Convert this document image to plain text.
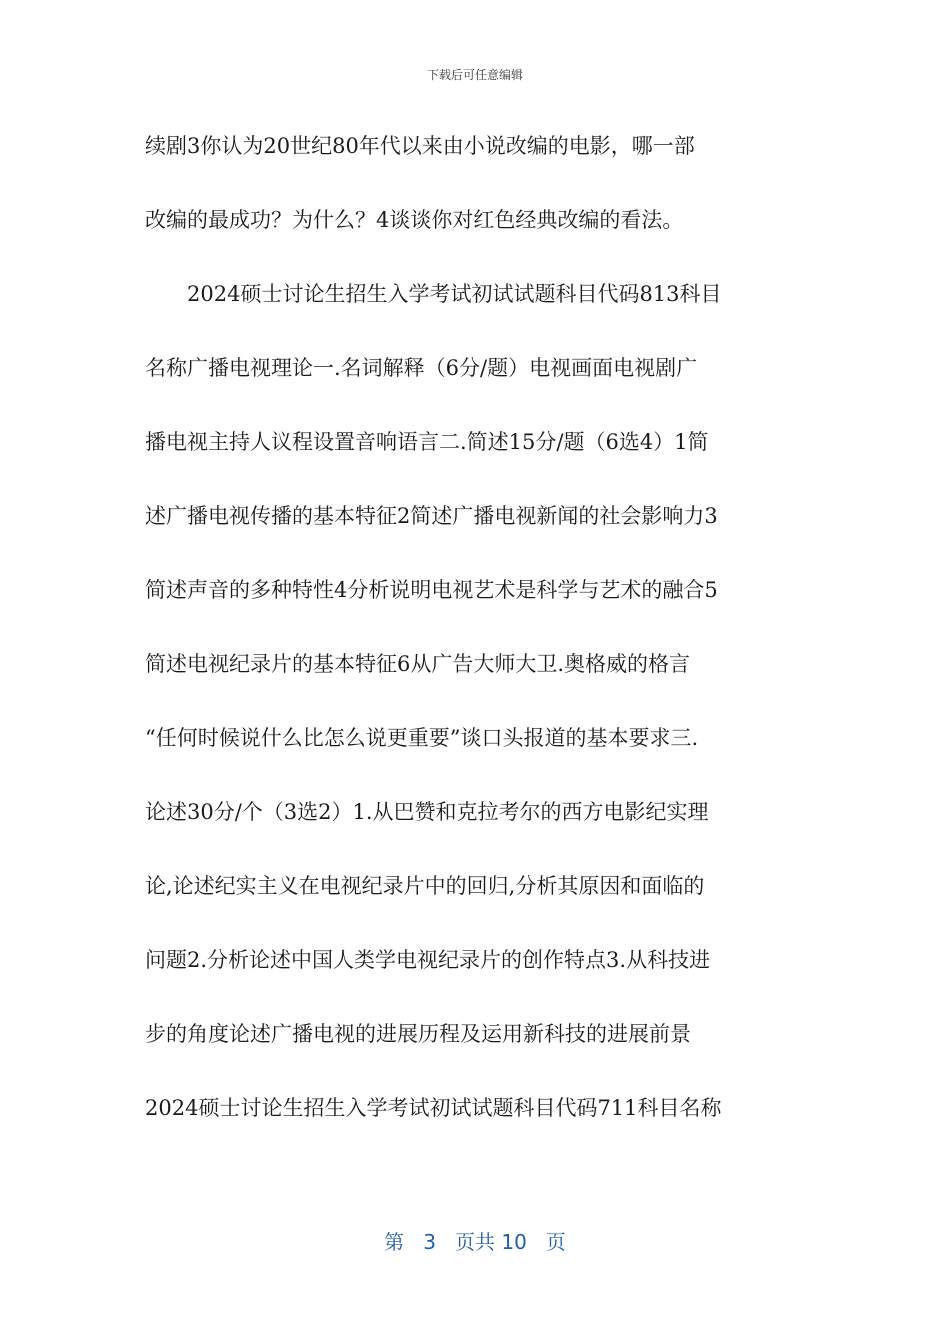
下载后可任意编辑

续剧3你认为20世纪80年代以来由小说改编的电影，哪一部
改编的最成功？为什么？4谈谈你对红色经典改编的看法。
　　2024硕士讨论生招生入学考试初试试题科目代码813科目
名称广播电视理论一.名词解释（6分/题）电视画面电视剧广
播电视主持人议程设置音响语言二.简述15分/题（6选4）1简
述广播电视传播的基本特征2简述广播电视新闻的社会影响力3
简述声音的多种特性4分析说明电视艺术是科学与艺术的融合5
简述电视纪录片的基本特征6从广告大师大卫.奥格威的格言
“任何时候说什么比怎么说更重要”谈口头报道的基本要求三.
论述30分/个（3选2）1.从巴赞和克拉考尔的西方电影纪实理
论,论述纪实主义在电视纪录片中的回归,分析其原因和面临的
问题2.分析论述中国人类学电视纪录片的创作特点3.从科技进
步的角度论述广播电视的进展历程及运用新科技的进展前景
2024硕士讨论生招生入学考试初试试题科目代码711科目名称

第 3 页共 10 页
